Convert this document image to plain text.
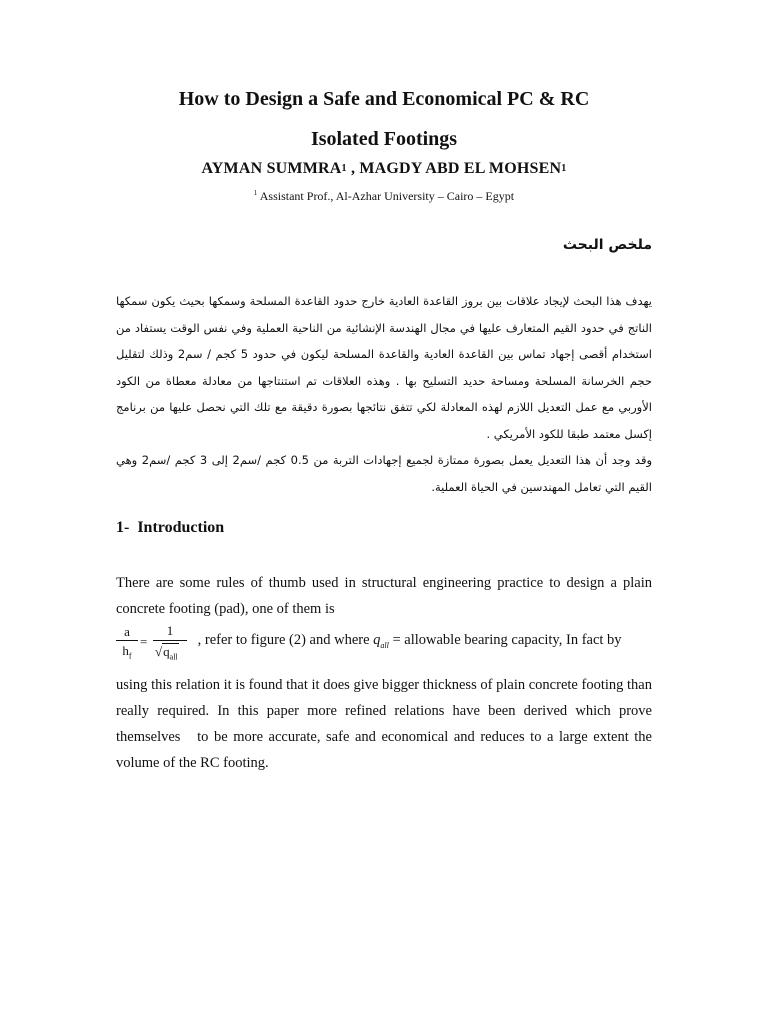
How to Design a Safe and Economical PC & RC
Isolated Footings
AYMAN SUMMRA$^1$ , MAGDY ABD EL MOHSEN$^1$
$^1$ Assistant Prof., Al-Azhar University – Cairo – Egypt
ملخص البحث

يهدف هذا البحث لإيجاد علاقات بين بروز القاعدة العادية خارج حدود القاعدة المسلحة وسمكها بحيث يكون سمكها الناتج في حدود القيم المتعارف عليها في مجال الهندسة الإنشائية من الناحية العملية وفي نفس الوقت يستفاد من استخدام أقصى إجهاد تماس بين القاعدة العادية والقاعدة المسلحة ليكون في حدود 5 كجم / سم2 وذلك لتقليل حجم الخرسانة المسلحة ومساحة حديد التسليح بها . وهذه العلاقات تم استنتاجها من معادلة معطاة من الكود الأوربي مع عمل التعديل اللازم لهذه المعادلة لكي تتفق نتائجها بصورة دقيقة مع تلك التي نحصل عليها من برنامج إكسل معتمد طبقا للكود الأمريكي .

وقد وجد أن هذا التعديل يعمل بصورة ممتازة لجميع إجهادات التربة من 0.5 كجم /سم2 إلى 3 كجم /سم2 وهي القيم التي تعامل المهندسين في الحياة العملية.

1-  Introduction
There are some rules of thumb used in structural engineering practice to design a plain concrete footing (pad), one of them is
a
$h_f$
=
1
$√q_{all}$
, refer to figure (2) and where $q_{all}$ = allowable bearing capacity, In fact by
using this relation it is found that it does give bigger thickness of plain concrete footing than really required. In this paper more refined relations have been derived which prove themselves   to be more accurate, safe and economical and reduces to a large extent the volume of the RC footing.
